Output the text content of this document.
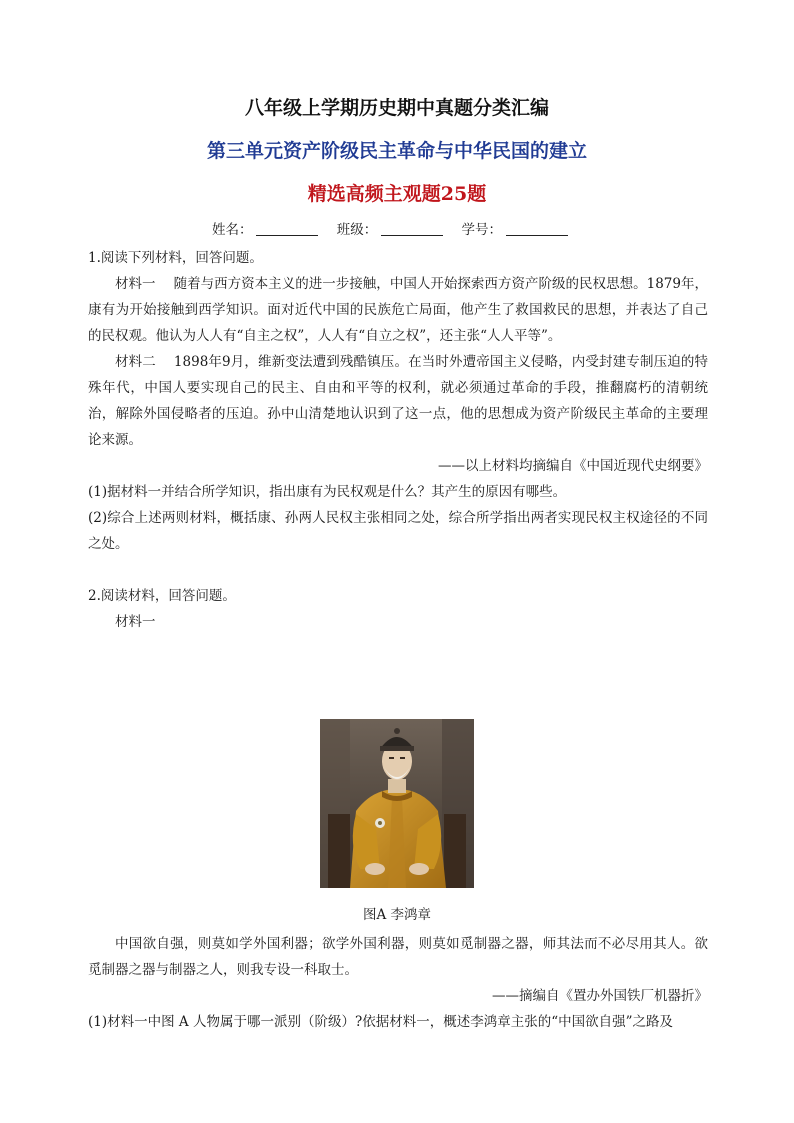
八年级上学期历史期中真题分类汇编
第三单元资产阶级民主革命与中华民国的建立
精选高频主观题25题
姓名：	班级：	学号：
1.阅读下列材料，回答问题。
材料一 随着与西方资本主义的进一步接触，中国人开始探索西方资产阶级的民权思想。1879年，康有为开始接触到西学知识。面对近代中国的民族危亡局面，他产生了救国救民的思想，并表达了自己的民权观。他认为人人有“自主之权”，人人有“自立之权”，还主张“人人平等”。
材料二 1898年9月，维新变法遭到残酷镇压。在当时外遭帝国主义侵略，内受封建专制压迫的特殊年代，中国人要实现自己的民主、自由和平等的权利，就必须通过革命的手段，推翻腐朽的清朝统治，解除外国侵略者的压迫。孙中山清楚地认识到了这一点，他的思想成为资产阶级民主革命的主要理论来源。
——以上材料均摘编自《中国近现代史纲要》
(1)据材料一并结合所学知识，指出康有为民权观是什么？其产生的原因有哪些。
(2)综合上述两则材料，概括康、孙两人民权主张相同之处，综合所学指出两者实现民权主权途径的不同之处。
2.阅读材料，回答问题。
材料一
图A 李鸿章
中国欲自强，则莫如学外国利器；欲学外国利器，则莫如觅制器之器，师其法而不必尽用其人。欲觅制器之器与制器之人，则我专设一科取士。
——摘编自《置办外国铁厂机器折》
(1)材料一中图 A 人物属于哪一派别（阶级）?依据材料一，概述李鸿章主张的“中国欲自强”之路及
